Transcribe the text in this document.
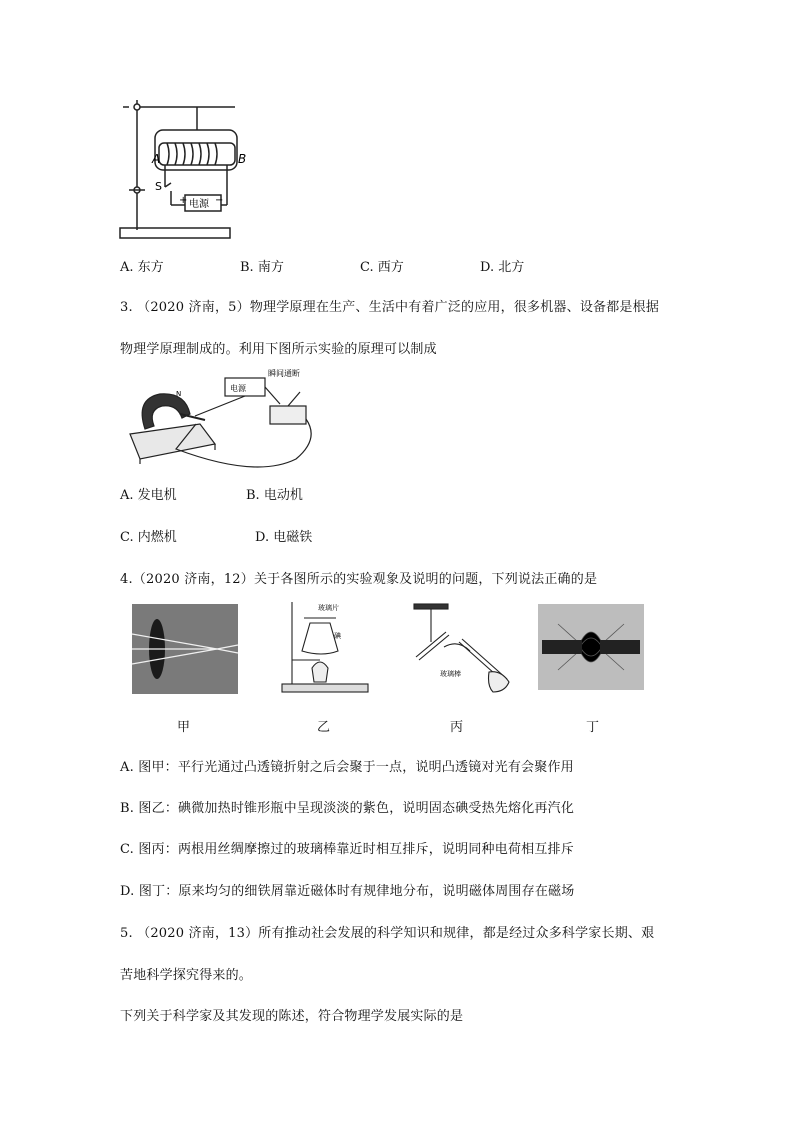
A	B
S
+ 电源 −
A. 东方	B. 南方	C. 西方	D. 北方
3. （2020 济南，5）物理学原理在生产、生活中有着广泛的应用，很多机器、设备都是根据
物理学原理制成的。利用下图所示实验的原理可以制成
电源
瞬间通断
N
A. 发电机	B. 电动机
C. 内燃机	D. 电磁铁
4.（2020 济南，12）关于各图所示的实验观象及说明的问题，下列说法正确的是
玻璃片
碘
玻璃棒
甲	乙	丙	丁
A. 图甲：平行光通过凸透镜折射之后会聚于一点，说明凸透镜对光有会聚作用
B. 图乙：碘微加热时锥形瓶中呈现淡淡的紫色，说明固态碘受热先熔化再汽化
C. 图丙：两根用丝绸摩擦过的玻璃棒靠近时相互排斥，说明同种电荷相互排斥
D. 图丁：原来均匀的细铁屑靠近磁体时有规律地分布，说明磁体周围存在磁场
5. （2020 济南，13）所有推动社会发展的科学知识和规律，都是经过众多科学家长期、艰
苦地科学探究得来的。
下列关于科学家及其发现的陈述，符合物理学发展实际的是
